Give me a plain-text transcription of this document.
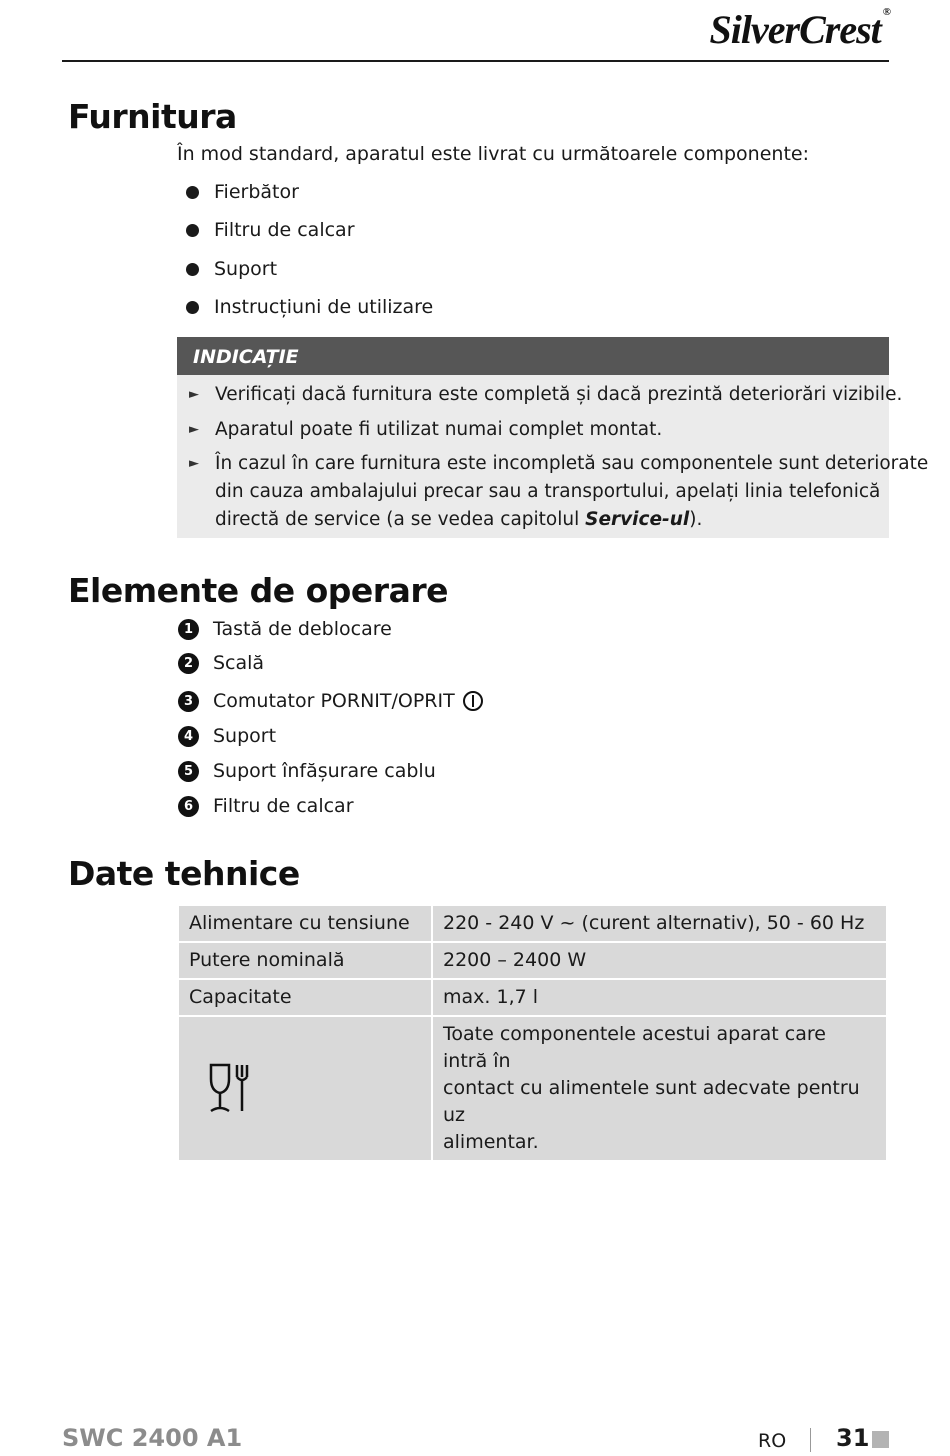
SilverCrest ®
Furnitura
În mod standard, aparatul este livrat cu următoarele componente:
Fierbător
Filtru de calcar
Suport
Instrucțiuni de utilizare
INDICAȚIE
► Verificați dacă furnitura este completă și dacă prezintă deteriorări vizibile.
► Aparatul poate fi utilizat numai complet montat.
► În cazul în care furnitura este incompletă sau componentele sunt deteriorate
din cauza ambalajului precar sau a transportului, apelați linia telefonică
directă de service (a se vedea capitolul Service-ul).
Elemente de operare
1	Tastă de deblocare
2	Scală
3	Comutator PORNIT/OPRIT
4	Suport
5	Suport înfășurare cablu
6	Filtru de calcar
Date tehnice
Alimentare cu tensiune	220 - 240 V ~ (curent alternativ), 50 - 60 Hz
Putere nominală	2200 – 2400 W
Capacitate	max. 1,7 l

Toate componentele acestui aparat care intră în
contact cu alimentele sunt adecvate pentru uz
alimentar.
SWC 2400 A1	RO 31
